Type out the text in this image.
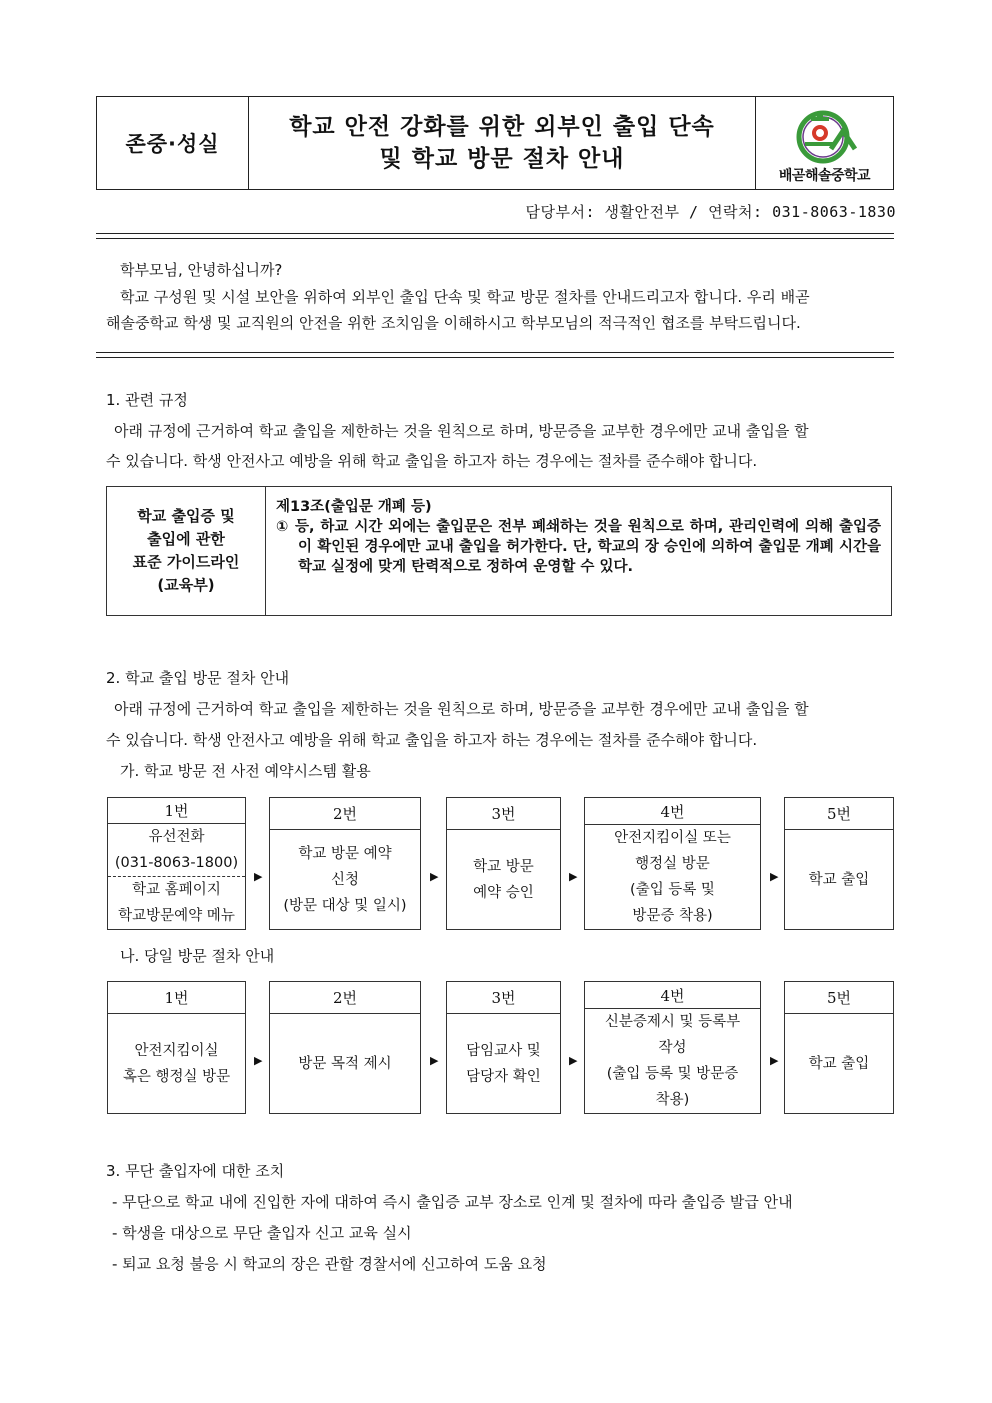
존중·성실
학교 안전 강화를 위한 외부인 출입 단속
및 학교 방문 절차 안내
배곧해솔중학교
담당부서: 생활안전부 / 연락처: 031-8063-1830
학부모님, 안녕하십니까?
학교 구성원 및 시설 보안을 위하여 외부인 출입 단속 및 학교 방문 절차를 안내드리고자 합니다. 우리 배곧
해솔중학교 학생 및 교직원의 안전을 위한 조치임을 이해하시고 학부모님의 적극적인 협조를 부탁드립니다.
1. 관련 규정
아래 규정에 근거하여 학교 출입을 제한하는 것을 원칙으로 하며, 방문증을 교부한 경우에만 교내 출입을 할
수 있습니다. 학생 안전사고 예방을 위해 학교 출입을 하고자 하는 경우에는 절차를 준수해야 합니다.
학교 출입증 및
출입에 관한
표준 가이드라인
(교육부)
제13조(출입문 개폐 등)
① 등, 하교 시간 외에는 출입문은 전부 폐쇄하는 것을 원칙으로 하며, 관리인력에 의해 출입증이 확인된 경우에만 교내 출입을 허가한다. 단, 학교의 장 승인에 의하여 출입문 개폐 시간을 학교 실정에 맞게 탄력적으로 정하여 운영할 수 있다.
2. 학교 출입 방문 절차 안내
아래 규정에 근거하여 학교 출입을 제한하는 것을 원칙으로 하며, 방문증을 교부한 경우에만 교내 출입을 할
수 있습니다. 학생 안전사고 예방을 위해 학교 출입을 하고자 하는 경우에는 절차를 준수해야 합니다.
가. 학교 방문 전 사전 예약시스템 활용
1번
유선전화
(031-8063-1800)
학교 홈페이지
학교방문예약 메뉴
▶
2번
학교 방문 예약
신청
(방문 대상 및 일시)
▶
3번
학교 방문
예약 승인
▶
4번
안전지킴이실 또는
행정실 방문
(출입 등록 및
방문증 착용)
▶
5번
학교 출입
나. 당일 방문 절차 안내
1번
안전지킴이실
혹은 행정실 방문
▶
2번
방문 목적 제시	▶
3번
담임교사 및
담당자 확인
▶
4번
신분증제시 및 등록부
작성
(출입 등록 및 방문증
착용)
▶
5번
학교 출입
3. 무단 출입자에 대한 조치
- 무단으로 학교 내에 진입한 자에 대하여 즉시 출입증 교부 장소로 인계 및 절차에 따라 출입증 발급 안내
- 학생을 대상으로 무단 출입자 신고 교육 실시
- 퇴교 요청 불응 시 학교의 장은 관할 경찰서에 신고하여 도움 요청
